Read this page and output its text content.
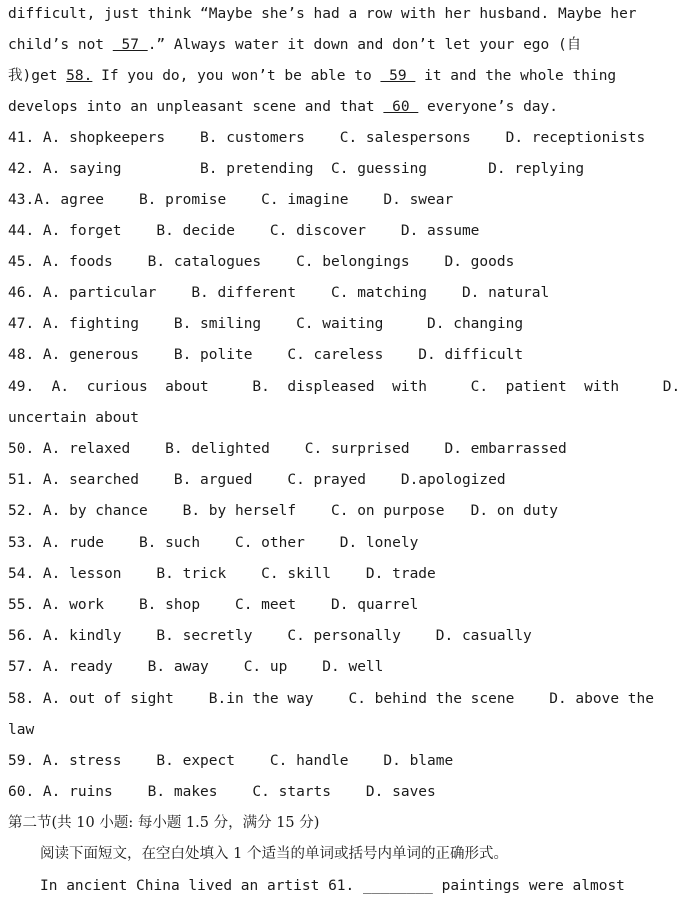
difficult, just think “Maybe she’s had a row with her husband. Maybe her
child’s not  57 .” Always water it down and don’t let your ego (自
我)get 58. If you do, you won’t be able to  59  it and the whole thing
develops into an unpleasant scene and that  60  everyone’s day.
41. A. shopkeepers    B. customers    C. salespersons    D. receptionists
42. A. saying         B. pretending  C. guessing       D. replying
43.A. agree    B. promise    C. imagine    D. swear
44. A. forget    B. decide    C. discover    D. assume
45. A. foods    B. catalogues    C. belongings    D. goods
46. A. particular    B. different    C. matching    D. natural
47. A. fighting    B. smiling    C. waiting     D. changing
48. A. generous    B. polite    C. careless    D. difficult
49.  A.  curious  about     B.  displeased  with     C.  patient  with     D.
uncertain about
50. A. relaxed    B. delighted    C. surprised    D. embarrassed
51. A. searched    B. argued    C. prayed    D.apologized
52. A. by chance    B. by herself    C. on purpose   D. on duty
53. A. rude    B. such    C. other    D. lonely
54. A. lesson    B. trick    C. skill    D. trade
55. A. work    B. shop    C. meet    D. quarrel
56. A. kindly    B. secretly    C. personally    D. casually
57. A. ready    B. away    C. up    D. well
58. A. out of sight    B.in the way    C. behind the scene    D. above the
law
59. A. stress    B. expect    C. handle    D. blame
60. A. ruins    B. makes    C. starts    D. saves
第二节(共 10 小题: 每小题 1.5 分，满分 15 分)
阅读下面短文，在空白处填入 1 个适当的单词或括号内单词的正确形式。
In ancient China lived an artist 61. ________ paintings were almost
